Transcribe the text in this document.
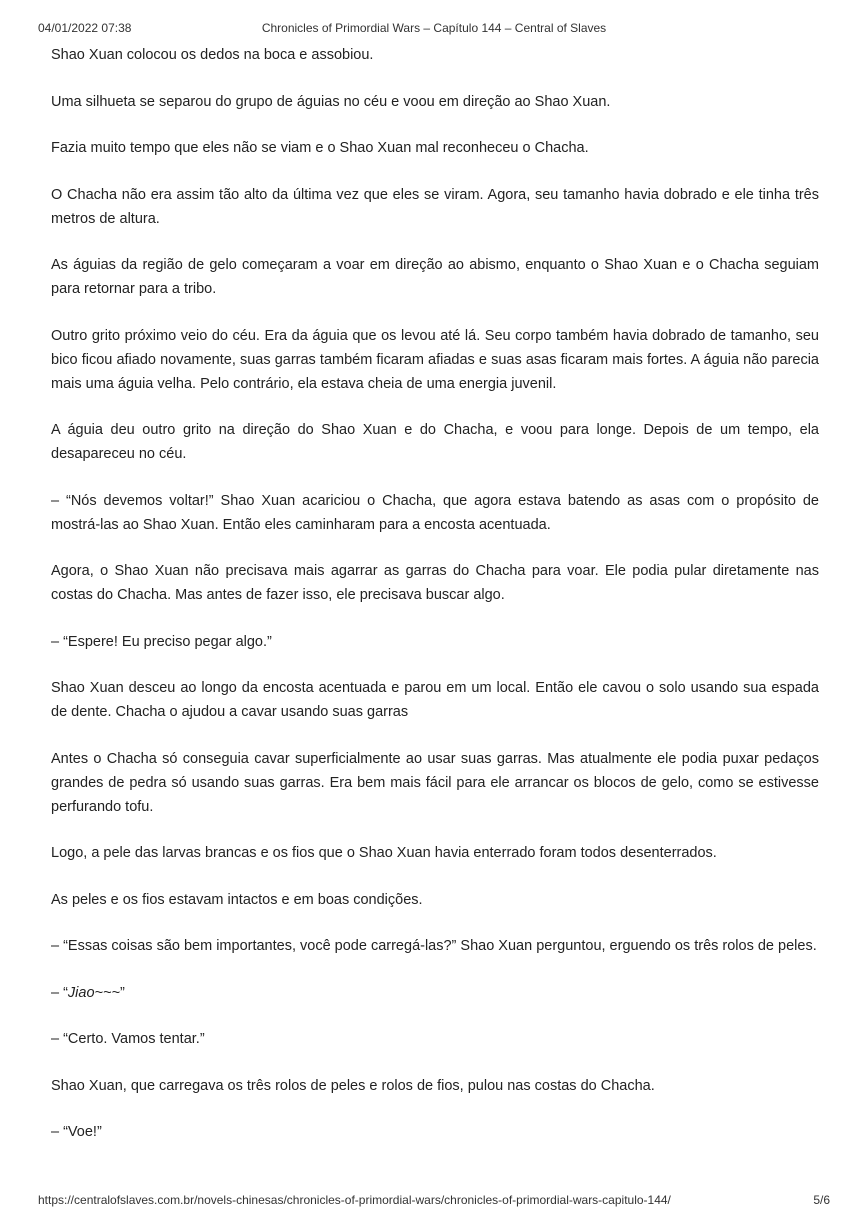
04/01/2022 07:38	Chronicles of Primordial Wars – Capítulo 144 – Central of Slaves

Shao Xuan colocou os dedos na boca e assobiou.

Uma silhueta se separou do grupo de águias no céu e voou em direção ao Shao Xuan.

Fazia muito tempo que eles não se viam e o Shao Xuan mal reconheceu o Chacha.

O Chacha não era assim tão alto da última vez que eles se viram. Agora, seu tamanho havia dobrado e ele tinha três metros de altura.

As águias da região de gelo começaram a voar em direção ao abismo, enquanto o Shao Xuan e o Chacha seguiam para retornar para a tribo.

Outro grito próximo veio do céu. Era da águia que os levou até lá. Seu corpo também havia dobrado de tamanho, seu bico ficou afiado novamente, suas garras também ficaram afiadas e suas asas ficaram mais fortes. A águia não parecia mais uma águia velha. Pelo contrário, ela estava cheia de uma energia juvenil.

A águia deu outro grito na direção do Shao Xuan e do Chacha, e voou para longe. Depois de um tempo, ela desapareceu no céu.

– “Nós devemos voltar!” Shao Xuan acariciou o Chacha, que agora estava batendo as asas com o propósito de mostrá-las ao Shao Xuan. Então eles caminharam para a encosta acentuada.

Agora, o Shao Xuan não precisava mais agarrar as garras do Chacha para voar. Ele podia pular diretamente nas costas do Chacha. Mas antes de fazer isso, ele precisava buscar algo.

– “Espere! Eu preciso pegar algo.”

Shao Xuan desceu ao longo da encosta acentuada e parou em um local. Então ele cavou o solo usando sua espada de dente. Chacha o ajudou a cavar usando suas garras

Antes o Chacha só conseguia cavar superficialmente ao usar suas garras. Mas atualmente ele podia puxar pedaços grandes de pedra só usando suas garras. Era bem mais fácil para ele arrancar os blocos de gelo, como se estivesse perfurando tofu.

Logo, a pele das larvas brancas e os fios que o Shao Xuan havia enterrado foram todos desenterrados.

As peles e os fios estavam intactos e em boas condições.

– “Essas coisas são bem importantes, você pode carregá-las?” Shao Xuan perguntou, erguendo os três rolos de peles.

– “Jiao~~~”

– “Certo. Vamos tentar.”

Shao Xuan, que carregava os três rolos de peles e rolos de fios, pulou nas costas do Chacha.

– “Voe!”

https://centralofslaves.com.br/novels-chinesas/chronicles-of-primordial-wars/chronicles-of-primordial-wars-capitulo-144/	5/6
